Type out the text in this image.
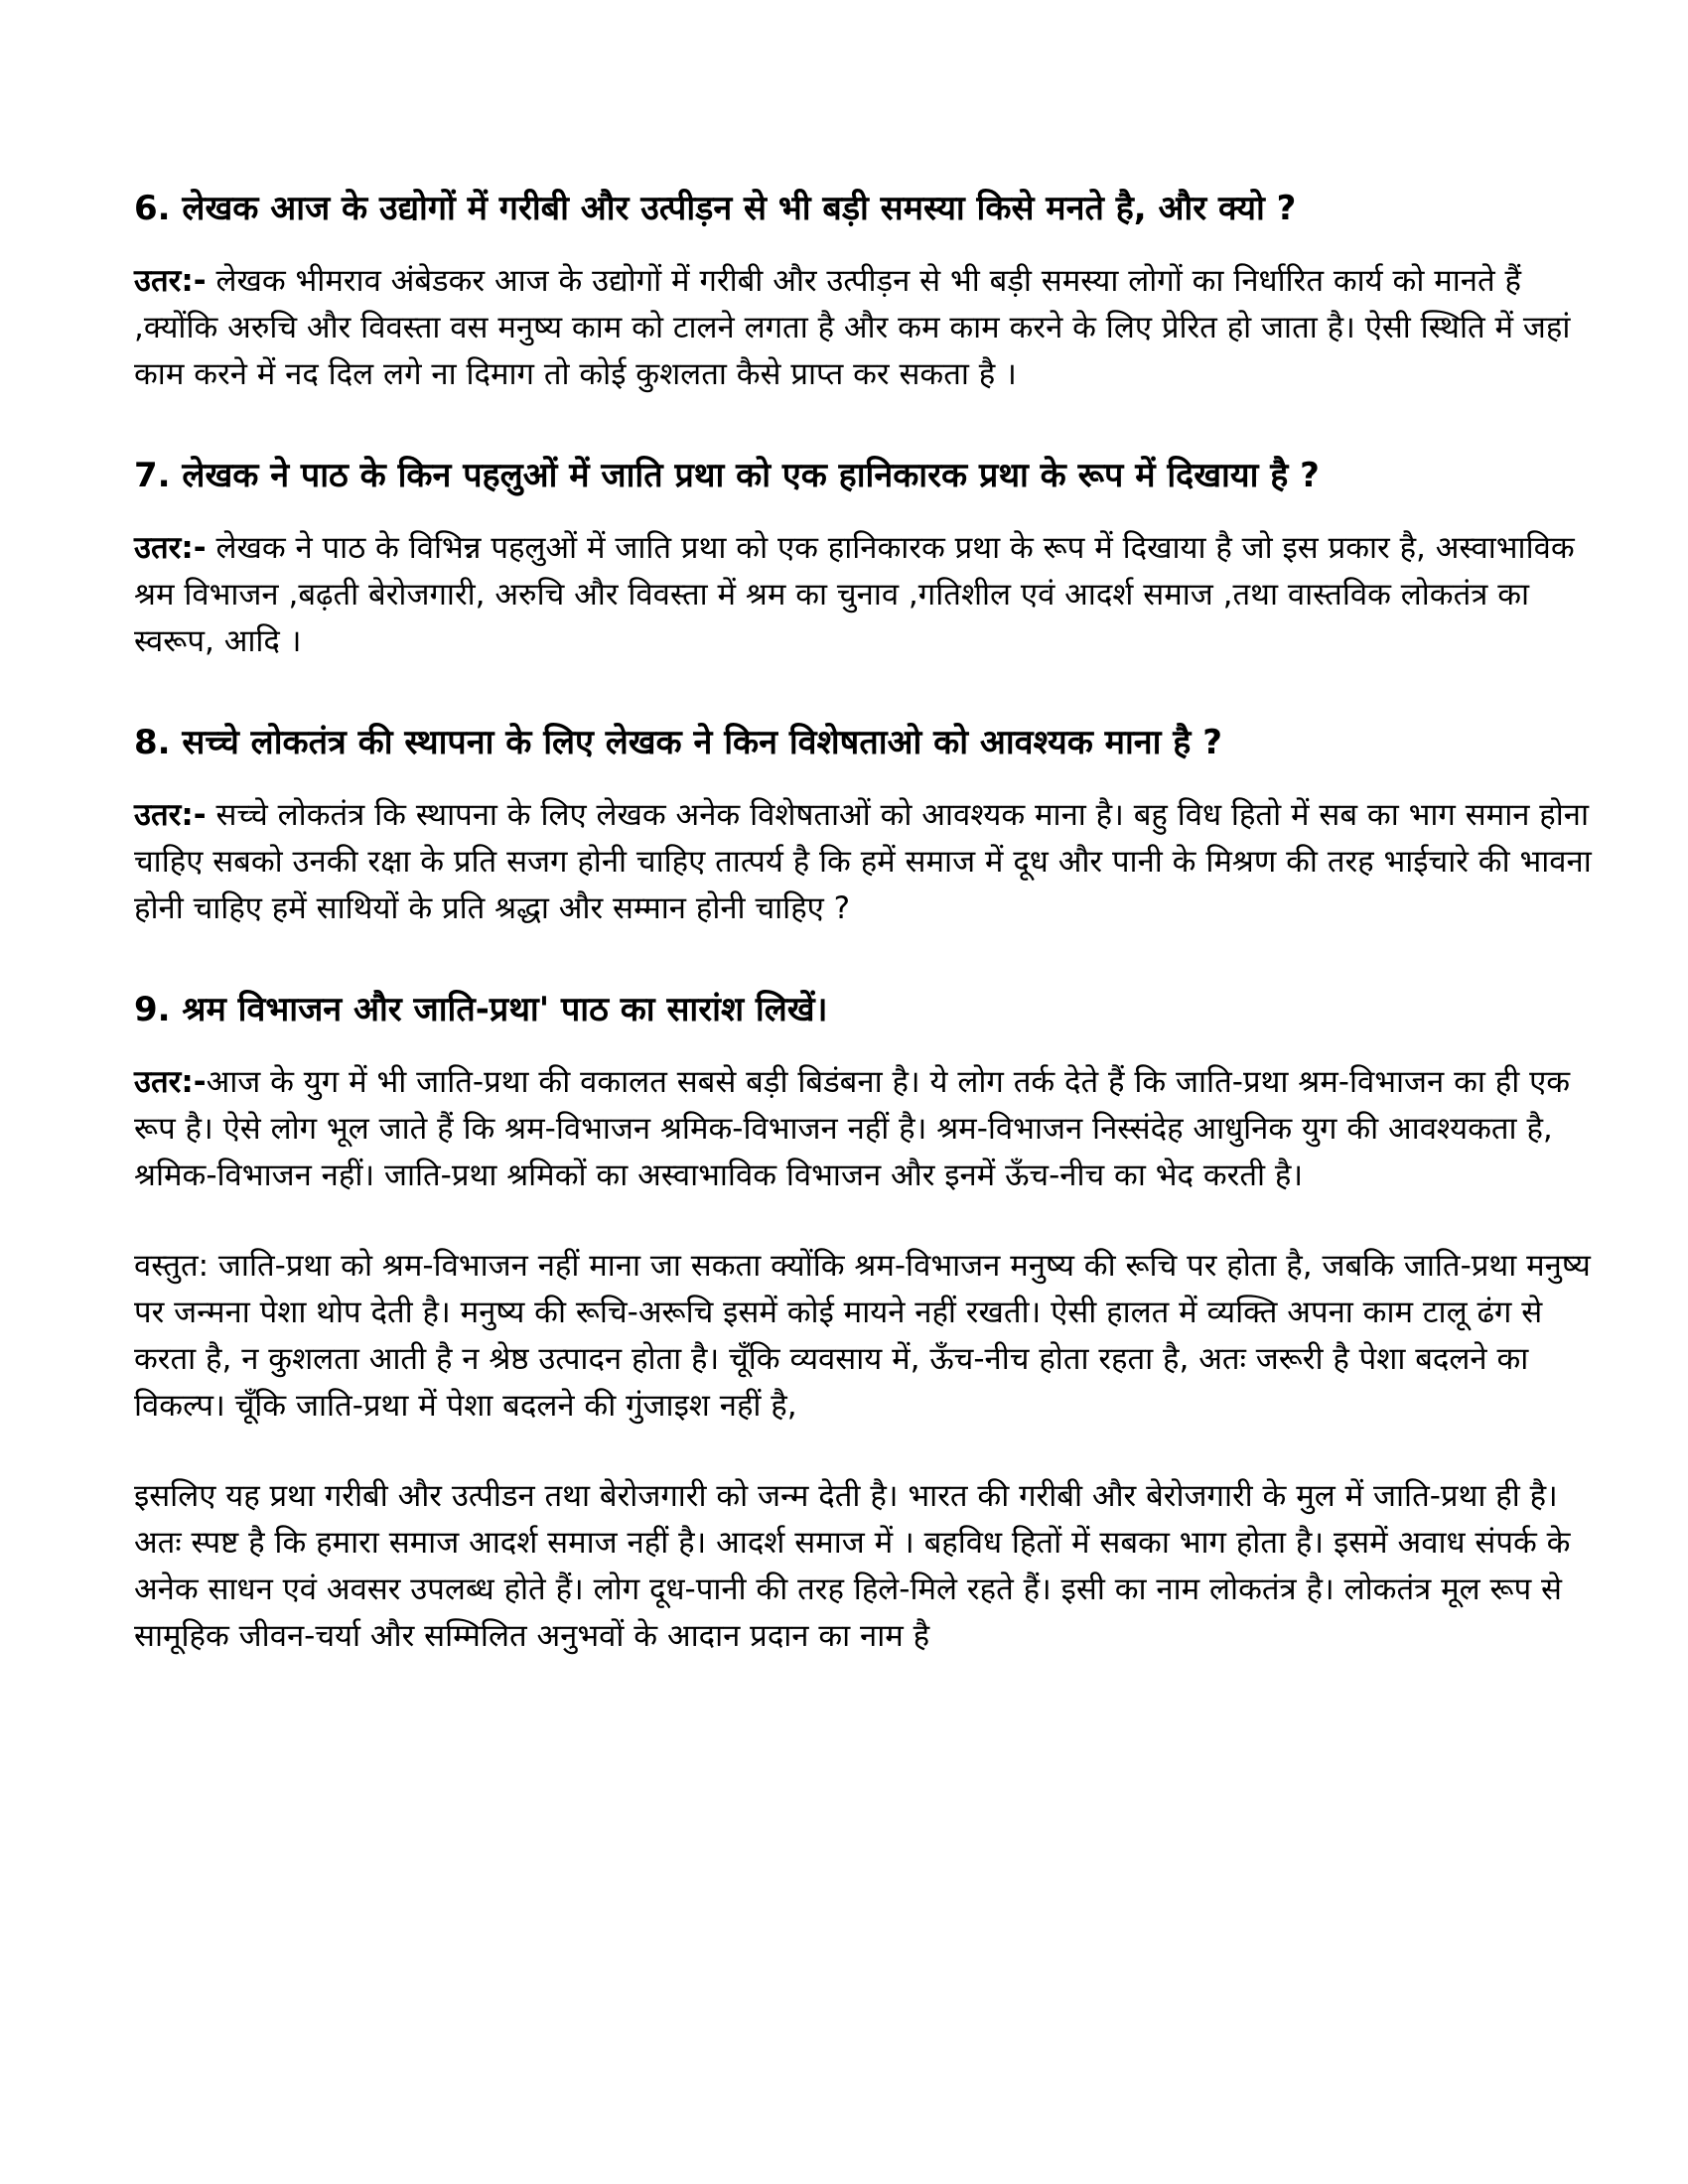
6. लेखक आज के उद्योगों में गरीबी और उत्पीड़न से भी बड़ी समस्या किसे मनते है, और क्यो ?

उतर:- लेखक भीमराव अंबेडकर आज के उद्योगों में गरीबी और उत्पीड़न से भी बड़ी समस्या लोगों का निर्धारित कार्य को मानते हैं ,क्योंकि अरुचि और विवस्ता वस मनुष्य काम को टालने लगता है और कम काम करने के लिए प्रेरित हो जाता है। ऐसी स्थिति में जहां काम करने में नद दिल लगे ना दिमाग तो कोई कुशलता कैसे प्राप्त कर सकता है ।

7. लेखक ने पाठ के किन पहलुओं में जाति प्रथा को एक हानिकारक प्रथा के रूप में दिखाया है ?

उतर:- लेखक ने पाठ के विभिन्न पहलुओं में जाति प्रथा को एक हानिकारक प्रथा के रूप में दिखाया है जो इस प्रकार है, अस्वाभाविक श्रम विभाजन ,बढ़ती बेरोजगारी, अरुचि और विवस्ता में श्रम का चुनाव ,गतिशील एवं आदर्श समाज ,तथा वास्तविक लोकतंत्र का स्वरूप, आदि ।

8. सच्चे लोकतंत्र की स्थापना के लिए लेखक ने किन विशेषताओ को आवश्यक माना है ?

उतर:- सच्चे लोकतंत्र कि स्थापना के लिए लेखक अनेक विशेषताओं को आवश्यक माना है। बहु विध हितो में सब का भाग समान होना चाहिए सबको उनकी रक्षा के प्रति सजग होनी चाहिए तात्पर्य है कि हमें समाज में दूध और पानी के मिश्रण की तरह भाईचारे की भावना होनी चाहिए हमें साथियों के प्रति श्रद्धा और सम्मान होनी चाहिए ?

9. श्रम विभाजन और जाति-प्रथा' पाठ का सारांश लिखें।

उतर:-आज के युग में भी जाति-प्रथा की वकालत सबसे बड़ी बिडंबना है। ये लोग तर्क देते हैं कि जाति-प्रथा श्रम-विभाजन का ही एक रूप है। ऐसे लोग भूल जाते हैं कि श्रम-विभाजन श्रमिक-विभाजन नहीं है। श्रम-विभाजन निस्संदेह आधुनिक युग की आवश्यकता है, श्रमिक-विभाजन नहीं। जाति-प्रथा श्रमिकों का अस्वाभाविक विभाजन और इनमें ऊँच-नीच का भेद करती है।

वस्तुत: जाति-प्रथा को श्रम-विभाजन नहीं माना जा सकता क्योंकि श्रम-विभाजन मनुष्य की रूचि पर होता है, जबकि जाति-प्रथा मनुष्य पर जन्मना पेशा थोप देती है। मनुष्य की रूचि-अरूचि इसमें कोई मायने नहीं रखती। ऐसी हालत में व्यक्ति अपना काम टालू ढंग से करता है, न कुशलता आती है न श्रेष्ठ उत्पादन होता है। चूँकि व्यवसाय में, ऊँच-नीच होता रहता है, अतः जरूरी है पेशा बदलने का विकल्प। चूँकि जाति-प्रथा में पेशा बदलने की गुंजाइश नहीं है,

इसलिए यह प्रथा गरीबी और उत्पीडन तथा बेरोजगारी को जन्म देती है। भारत की गरीबी और बेरोजगारी के मुल में जाति-प्रथा ही है। अतः स्पष्ट है कि हमारा समाज आदर्श समाज नहीं है। आदर्श समाज में । बहविध हितों में सबका भाग होता है। इसमें अवाध संपर्क के अनेक साधन एवं अवसर उपलब्ध होते हैं। लोग दूध-पानी की तरह हिले-मिले रहते हैं। इसी का नाम लोकतंत्र है। लोकतंत्र मूल रूप से सामूहिक जीवन-चर्या और सम्मिलित अनुभवों के आदान प्रदान का नाम है
